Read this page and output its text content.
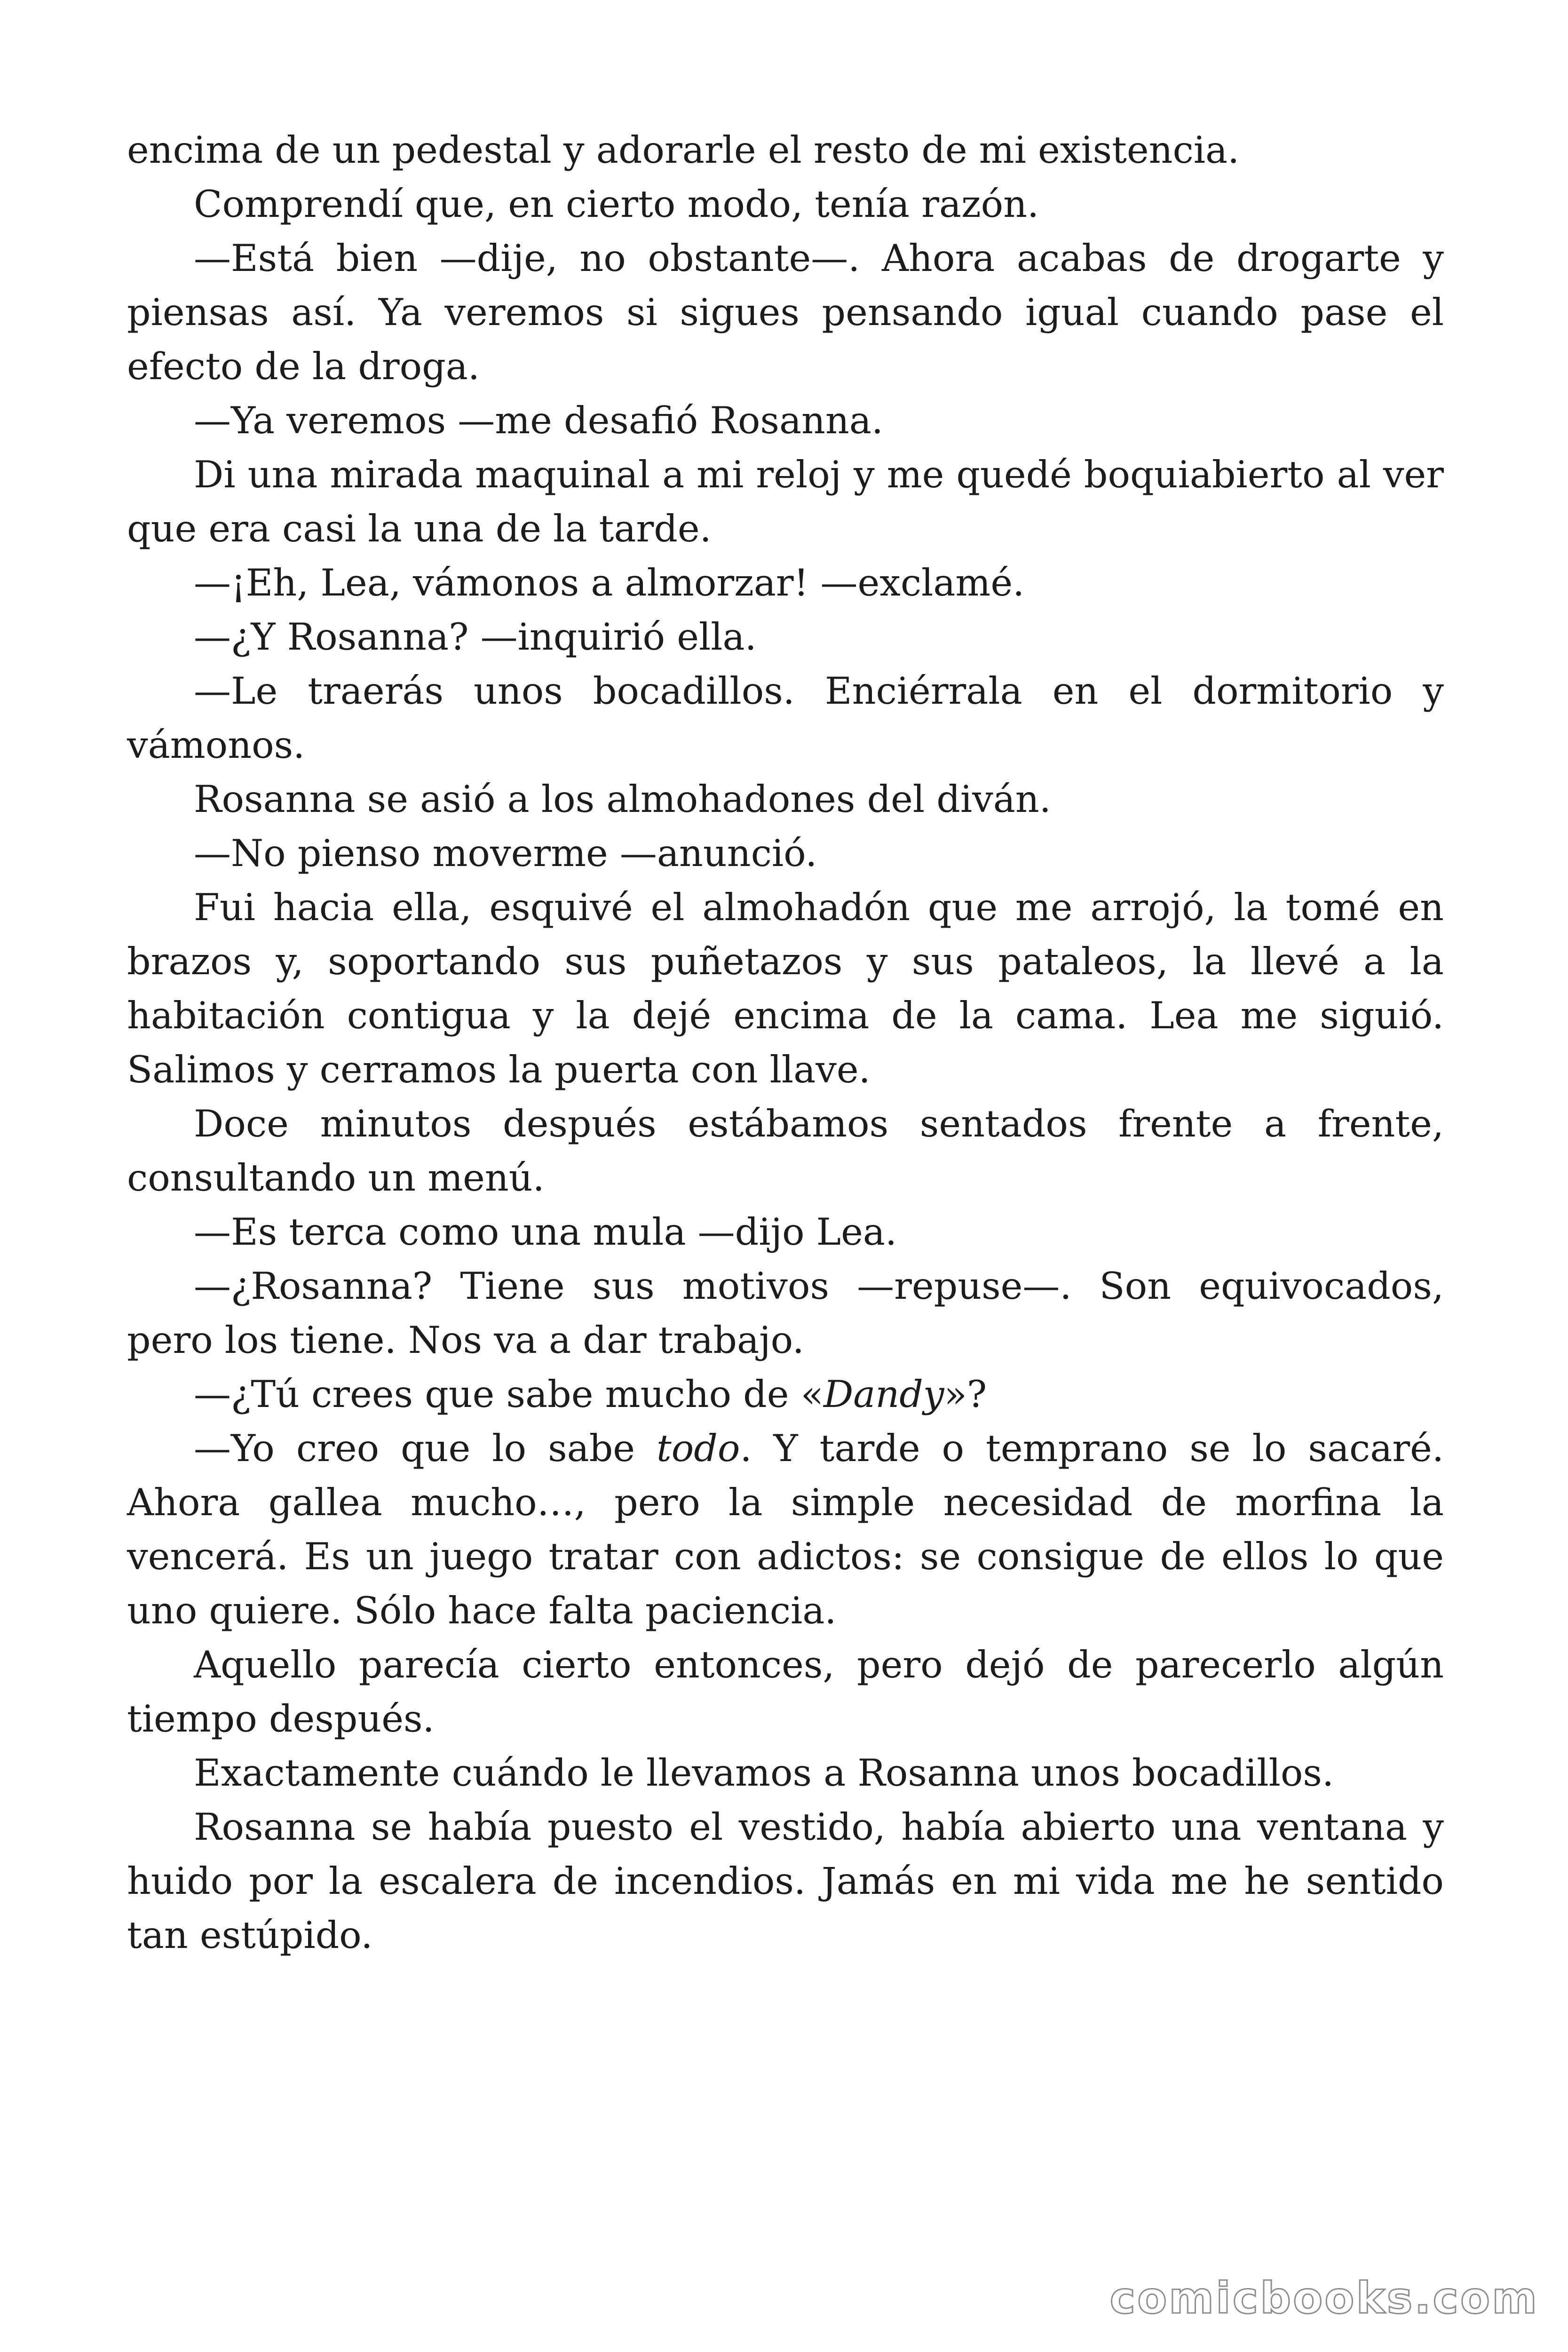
encima de un pedestal y adorarle el resto de mi existencia.

Comprendí que, en cierto modo, tenía razón.

—Está bien —dije, no obstante—. Ahora acabas de drogarte y piensas así. Ya veremos si sigues pensando igual cuando pase el efecto de la droga.

—Ya veremos —me desafió Rosanna.

Di una mirada maquinal a mi reloj y me quedé boquiabierto al ver que era casi la una de la tarde.

—¡Eh, Lea, vámonos a almorzar! —exclamé.

—¿Y Rosanna? —inquirió ella.

—Le traerás unos bocadillos. Enciérrala en el dormitorio y vámonos.

Rosanna se asió a los almohadones del diván.

—No pienso moverme —anunció.

Fui hacia ella, esquivé el almohadón que me arrojó, la tomé en brazos y, soportando sus puñetazos y sus pataleos, la llevé a la habitación contigua y la dejé encima de la cama. Lea me siguió. Salimos y cerramos la puerta con llave.

Doce minutos después estábamos sentados frente a frente, consultando un menú.

—Es terca como una mula —dijo Lea.

—¿Rosanna? Tiene sus motivos —repuse—. Son equivocados, pero los tiene. Nos va a dar trabajo.

—¿Tú crees que sabe mucho de «Dandy»?

—Yo creo que lo sabe todo. Y tarde o temprano se lo sacaré. Ahora gallea mucho…, pero la simple necesidad de morfina la vencerá. Es un juego tratar con adictos: se consigue de ellos lo que uno quiere. Sólo hace falta paciencia.

Aquello parecía cierto entonces, pero dejó de parecerlo algún tiempo después.

Exactamente cuándo le llevamos a Rosanna unos bocadillos.

Rosanna se había puesto el vestido, había abierto una ventana y huido por la escalera de incendios. Jamás en mi vida me he sentido tan estúpido.

comicbooks.com
